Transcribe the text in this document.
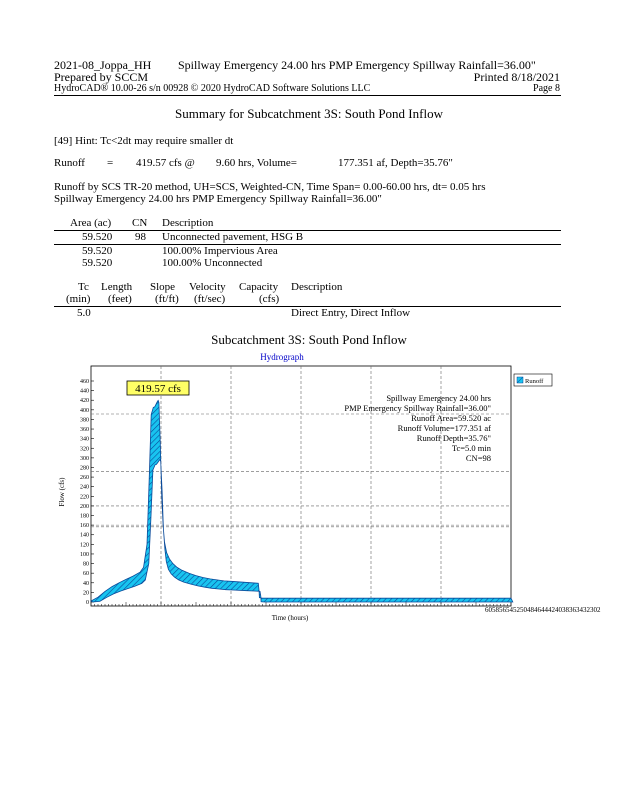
2021-08_Joppa_HH Spillway Emergency 24.00 hrs PMP Emergency Spillway Rainfall=36.00"
Prepared by SCCM	Printed 8/18/2021
HydroCAD® 10.00-26 s/n 00928 © 2020 HydroCAD Software Solutions LLC	Page 8
Summary for Subcatchment 3S: South Pond Inflow
[49] Hint: Tc<2dt may require smaller dt
Runoff = 419.57 cfs @ 9.60 hrs, Volume=	177.351 af, Depth=35.76"
Runoff by SCS TR-20 method, UH=SCS, Weighted-CN, Time Span= 0.00-60.00 hrs, dt= 0.05 hrs
Spillway Emergency 24.00 hrs PMP Emergency Spillway Rainfall=36.00"
Area (ac) CN Description
59.520 98 Unconnected pavement, HSG B
59.520	100.00% Impervious Area
59.520	100.00% Unconnected
Tc Length Slope Velocity Capacity Description
(min) (feet) (ft/ft) (ft/sec)	(cfs)
5.0	Direct Entry, Direct Inflow
Subcatchment 3S: South Pond Inflow
Hydrograph
0
20
40
60
80
100
120
140
160
180
200
220
240
260
280
300
320
340
360
380
400
420
440
460
605856545250484644424038363432302
Time (hours)
Flow (cfs)
419.57 cfs
Runoff
Spillway Emergency 24.00 hrs
PMP Emergency Spillway Rainfall=36.00"
Runoff Area=59.520 ac
Runoff Volume=177.351 af
Runoff Depth=35.76"
Tc=5.0 min
CN=98
